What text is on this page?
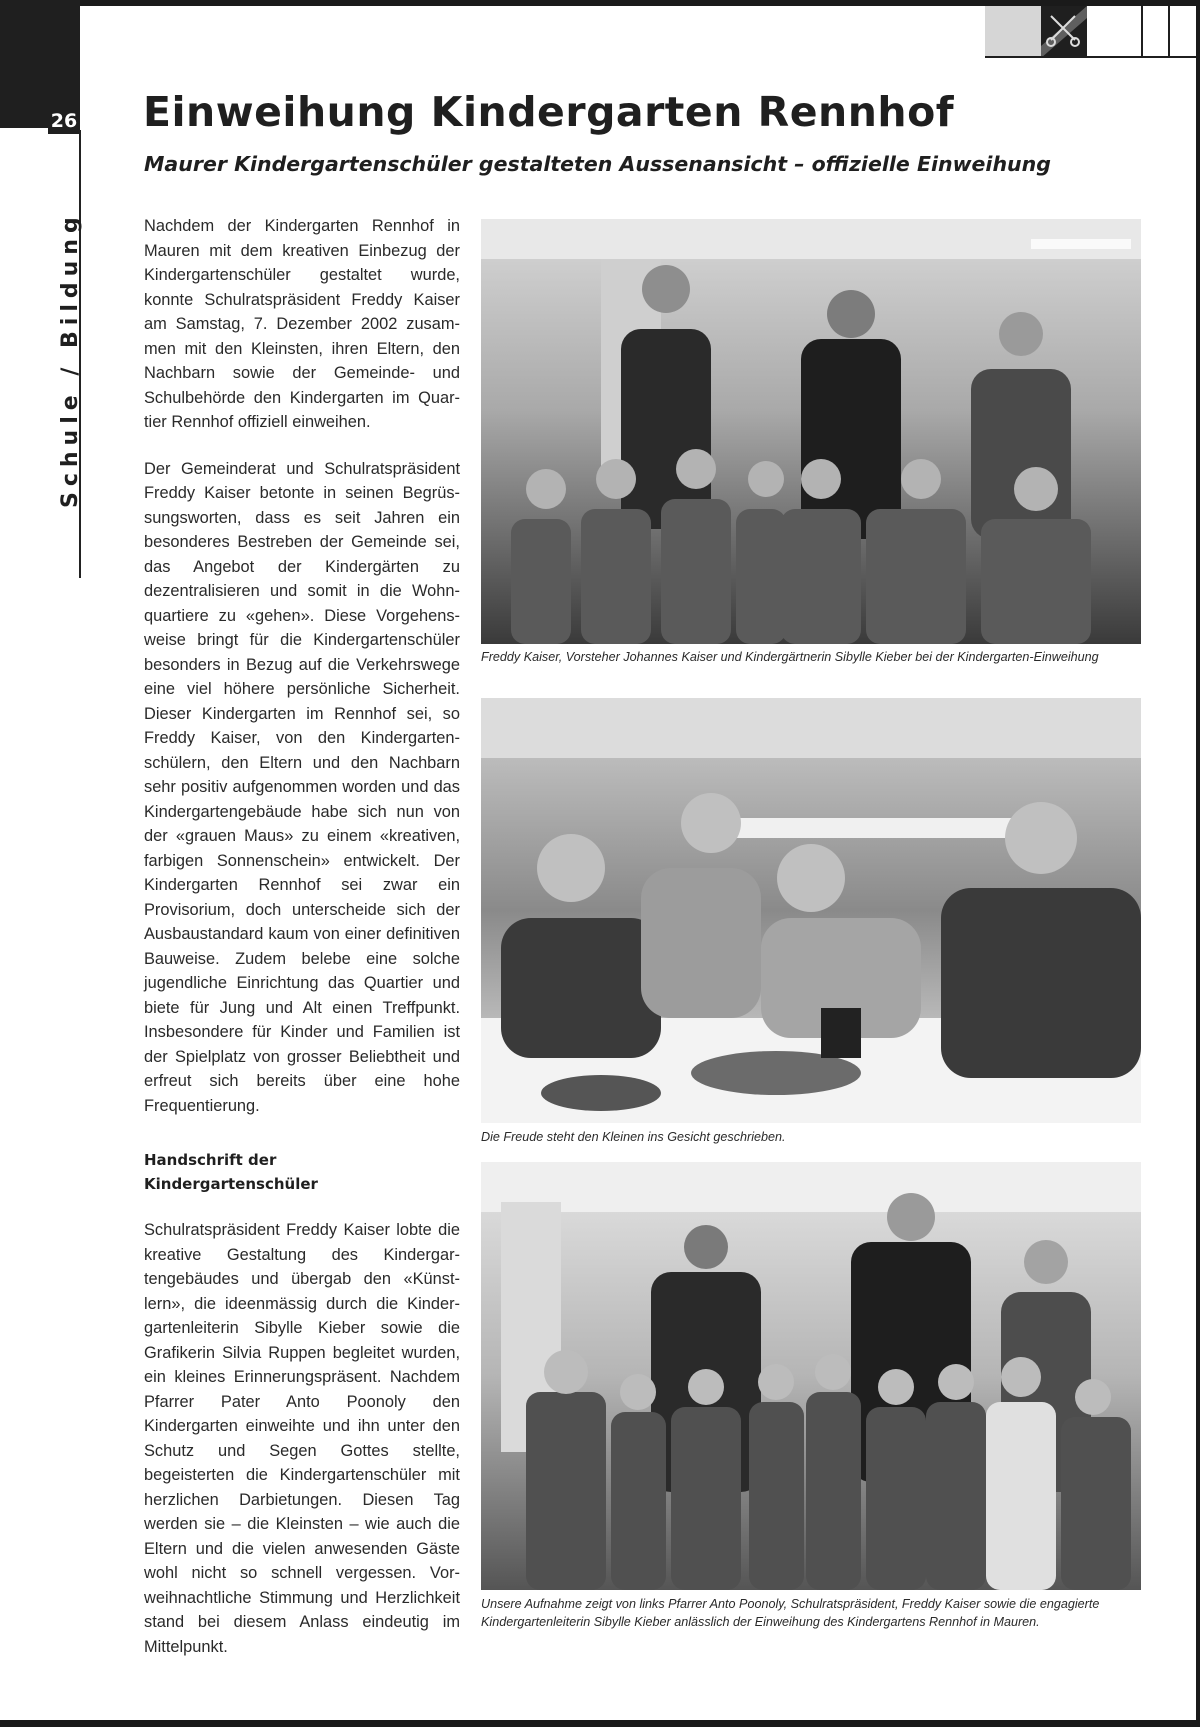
26
Schule / Bildung
Einweihung Kindergarten Rennhof
Maurer Kindergartenschüler gestalteten Aussenansicht – offizielle Einweihung

Nachdem der Kindergarten Rennhof in Mauren mit dem kreativen Einbezug der Kindergartenschüler gestaltet wurde, konnte Schulratspräsident Freddy Kaiser am Samstag, 7. Dezember 2002 zusammen mit den Kleinsten, ihren Eltern, den Nachbarn sowie der Gemeinde- und Schulbehörde den Kindergarten im Quartier Rennhof offiziell einweihen.

Der Gemeinderat und Schulratspräsident Freddy Kaiser betonte in seinen Begrüssungsworten, dass es seit Jahren ein besonderes Bestreben der Gemeinde sei, das Angebot der Kindergärten zu dezentralisieren und somit in die Wohnquartiere zu «gehen». Diese Vorgehensweise bringt für die Kindergartenschüler besonders in Bezug auf die Verkehrswege eine viel höhere persönliche Sicherheit. Dieser Kindergarten im Rennhof sei, so Freddy Kaiser, von den Kindergartenschülern, den Eltern und den Nachbarn sehr positiv aufgenommen worden und das Kindergartengebäude habe sich nun von der «grauen Maus» zu einem «kreativen, farbigen Sonnenschein» entwickelt. Der Kindergarten Rennhof sei zwar ein Provisorium, doch unterscheide sich der Ausbaustandard kaum von einer definitiven Bauweise. Zudem belebe eine solche jugendliche Einrichtung das Quartier und biete für Jung und Alt einen Treffpunkt. Insbesondere für Kinder und Familien ist der Spielplatz von grosser Beliebtheit und erfreut sich bereits über eine hohe Frequentierung.

Handschrift der Kindergartenschüler

Schulratspräsident Freddy Kaiser lobte die kreative Gestaltung des Kindergartengebäudes und übergab den «Künstlern», die ideenmässig durch die Kindergartenleiterin Sibylle Kieber sowie die Grafikerin Silvia Ruppen begleitet wurden, ein kleines Erinnerungspräsent. Nachdem Pfarrer Pater Anto Poonoly den Kindergarten einweihte und ihn unter den Schutz und Segen Gottes stellte, begeisterten die Kindergartenschüler mit herzlichen Darbietungen. Diesen Tag werden sie – die Kleinsten – wie auch die Eltern und die vielen anwesenden Gäste wohl nicht so schnell vergessen. Vorweihnachtliche Stimmung und Herzlichkeit stand bei diesem Anlass eindeutig im Mittelpunkt.

Freddy Kaiser, Vorsteher Johannes Kaiser und Kindergärtnerin Sibylle Kieber bei der Kindergarten-Einweihung
Die Freude steht den Kleinen ins Gesicht geschrieben.
Unsere Aufnahme zeigt von links Pfarrer Anto Poonoly, Schulratspräsident, Freddy Kaiser sowie die engagierte Kindergartenleiterin Sibylle Kieber anlässlich der Einweihung des Kindergartens Rennhof in Mauren.
